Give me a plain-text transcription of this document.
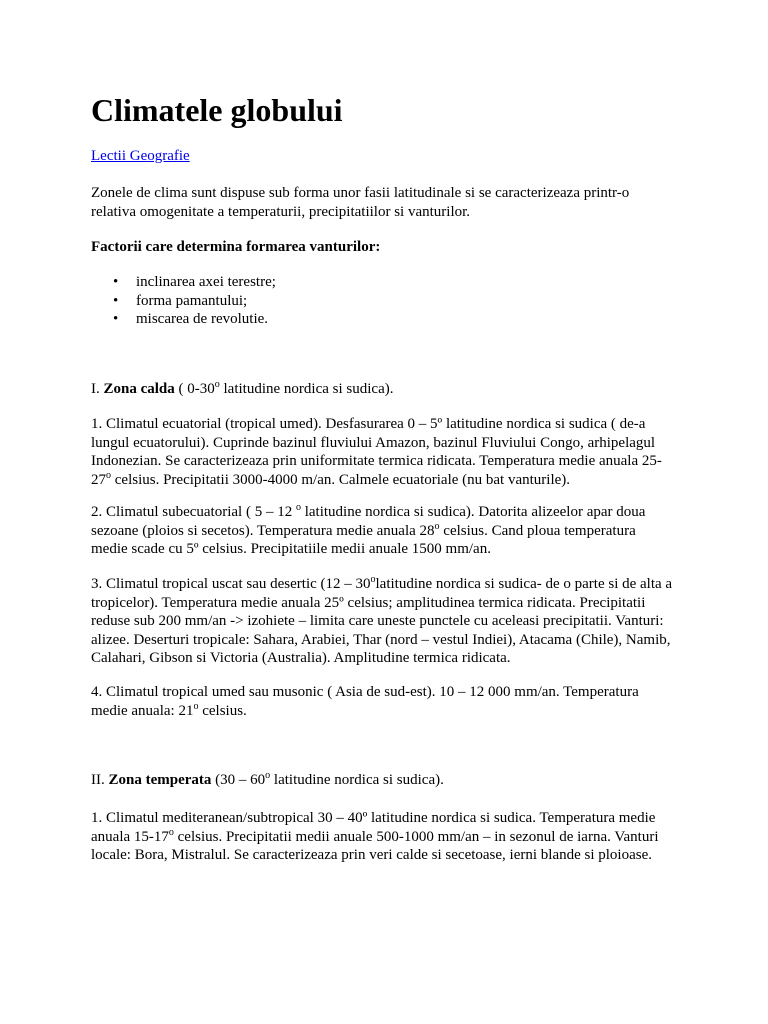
Climatele globului
Lectii Geografie

Zonele de clima sunt dispuse sub forma unor fasii latitudinale si se caracterizeaza printr-o
relativa omogenitate a temperaturii, precipitatiilor si vanturilor.

Factorii care determina formarea vanturilor:

• inclinarea axei terestre;
• forma pamantului;
• miscarea de revolutie.

I. Zona calda ( 0-30$^o$ latitudine nordica si sudica).

1. Climatul ecuatorial (tropical umed). Desfasurarea 0 – 5º latitudine nordica si sudica ( de-a
lungul ecuatorului). Cuprinde bazinul fluviului Amazon, bazinul Fluviului Congo, arhipelagul
Indonezian. Se caracterizeaza prin uniformitate termica ridicata. Temperatura medie anuala 25-
27$^o$ celsius. Precipitatii 3000-4000 m/an. Calmele ecuatoriale (nu bat vanturile).

2. Climatul subecuatorial ( 5 – 12 $^o$ latitudine nordica si sudica). Datorita alizeelor apar doua
sezoane (ploios si secetos). Temperatura medie anuala 28$^o$ celsius. Cand ploua temperatura
medie scade cu 5º celsius. Precipitatiile medii anuale 1500 mm/an.

3. Climatul tropical uscat sau desertic (12 – 30$^o$latitudine nordica si sudica- de o parte si de alta a
tropicelor). Temperatura medie anuala 25º celsius; amplitudinea termica ridicata. Precipitatii
reduse sub 200 mm/an -> izohiete – limita care uneste punctele cu aceleasi precipitatii. Vanturi:
alizee. Deserturi tropicale: Sahara, Arabiei, Thar (nord – vestul Indiei), Atacama (Chile), Namib,
Calahari, Gibson si Victoria (Australia). Amplitudine termica ridicata.

4. Climatul tropical umed sau musonic ( Asia de sud-est). 10 – 12 000 mm/an. Temperatura
medie anuala: 21$^o$ celsius.

II. Zona temperata (30 – 60$^o$ latitudine nordica si sudica).

1. Climatul mediteranean/subtropical 30 – 40º latitudine nordica si sudica. Temperatura medie
anuala 15-17$^o$ celsius. Precipitatii medii anuale 500-1000 mm/an – in sezonul de iarna. Vanturi
locale: Bora, Mistralul. Se caracterizeaza prin veri calde si secetoase, ierni blande si ploioase.
